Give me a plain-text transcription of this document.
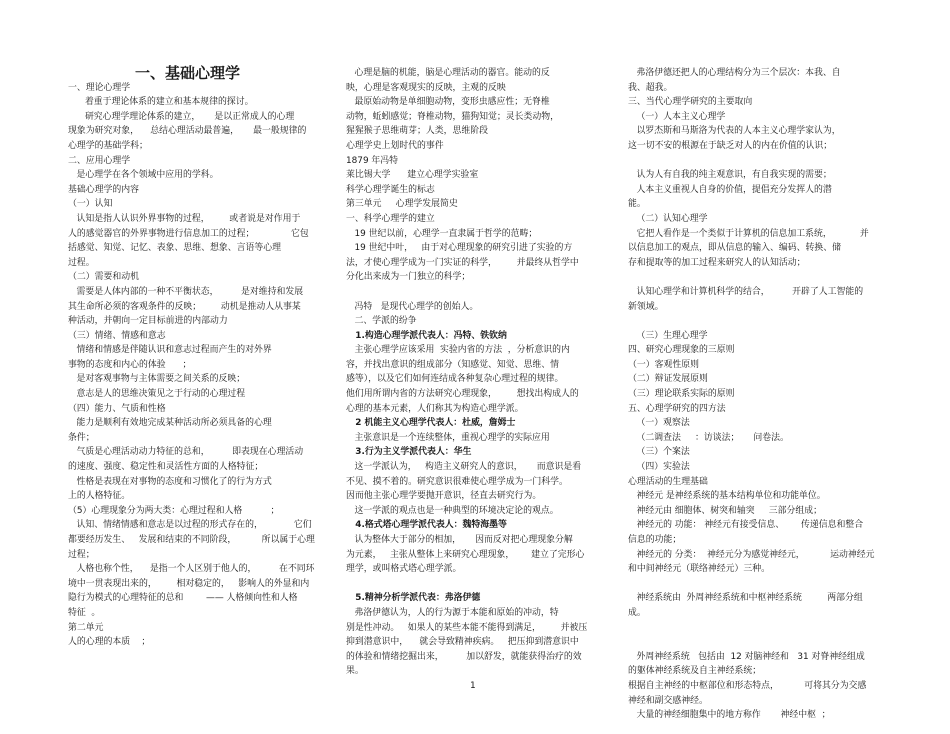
一、基础心理学

一、理论心理学

着重于理论体系的建立和基本规律的探讨。

研究心理学理论体系的建立，     是以正常成人的心理

现象为研究对象，    总结心理活动最普遍，     最一般规律的

心理学的基础学科；

二、应用心理学

是心理学在各个领域中应用的学科。

基础心理学的内容

（一）认知

认知是指人认识外界事物的过程，       或者说是对作用于

人的感觉器官的外界事物进行信息加工的过程；             它包

括感觉、知觉、记忆、表象、思维、想象、言语等心理

过程。

（二）需要和动机

需要是人体内部的一种不平衡状态，        是对维持和发展

其生命所必须的客观条件的反映；       动机是推动人从事某

种活动，并朝向一定目标前进的内部动力

（三）情绪、情感和意志

情绪和情感是伴随认识和意志过程而产生的对外界

事物的态度和内心的体验      ；

是对客观事物与主体需要之间关系的反映；

意志是人的思维决策见之于行动的心理过程

（四）能力、气质和性格

能力是顺利有效地完成某种活动所必须具备的心理

条件；

气质是心理活动动力特征的总和，        即表现在心理活动

的速度、强度、稳定性和灵活性方面的人格特征；

性格是表现在对事物的态度和习惯化了的行为方式

上的人格特征。

（5）心理现象分为两大类：心理过程和人格          ；

认知、情绪情感和意志是以过程的形式存在的，           它们

都要经历发生、   发展和结束的不同阶段，         所以属于心理

过程；

人格也称个性，    是指一个人区别于他人的，        在不同环

境中一贯表现出来的，       相对稳定的，   影响人的外显和内

隐行为模式的心理特征的总和        —— 人格倾向性和人格

特征  。

第二单元

人的心理的本质    ；

心理是脑的机能，脑是心理活动的器官。能动的反

映，心理是客观现实的反映，主观的反映

最原始动物是单细胞动物，变形虫感应性；无脊椎

动物，蚯蚓感觉；脊椎动物，猫狗知觉；灵长类动物，

猩猩猴子思维萌芽；人类，思维阶段

心理学史上划时代的事件

1879 年冯特

莱比锡大学      建立心理学实验室

科学心理学诞生的标志

第三单元     心理学发展简史

一、科学心理学的建立

19 世纪以前，心理学一直隶属于哲学的范畴；

19 世纪中叶，   由于对心理现象的研究引进了实验的方

法，才使心理学成为一门实证的科学，       并最终从哲学中

分化出来成为一门独立的科学；

冯特   是现代心理学的创始人。

二、学派的纷争

1.构造心理学派代表人：冯特、铁钦纳

主张心理学应该采用  实验内省的方法  ，分析意识的内

容，并找出意识的组成部分（知感觉、知觉、思维、情

感等），以及它们如何连结成各种复杂心理过程的规律。

他们用所谓内省的方法研究心理现象，       想找出构成人的

心理的基本元素，人们称其为构造心理学派。

2 机能主义心理学代表人：杜威，詹姆士

主张意识是一个连续整体，重视心理学的实际应用

3.行为主义学派代表人：华生

这一学派认为，   构造主义研究人的意识，     而意识是看

不见、摸不着的。研究意识很难使心理学成为一门科学。

因而他主张心理学要抛开意识，径直去研究行为。

这一学派的观点也是一种典型的环境决定论的观点。

4.格式塔心理学派代表人：魏特海墨等

认为整体大于部分的相加，     因而反对把心理现象分解

为元素，   主张从整体上来研究心理现象，      建立了完形心

理学，或叫格式塔心理学派。

5.精神分析学派代表：弗洛伊德

弗洛伊德认为，人的行为源于本能和原始的冲动，特

别是性冲动。   如果人的某些本能不能得到满足，       并被压

抑到潜意识中，    就会导致精神疾病。   把压抑到潜意识中

的体验和情绪挖掘出来，        加以舒发，就能获得治疗的效

果。

弗洛伊德还把人的心理结构分为三个层次：本我、自

我、超我。

三、当代心理学研究的主要取向

（一）人本主义心理学

以罗杰斯和马斯洛为代表的人本主义心理学家认为，

这一切不安的根源在于缺乏对人的内在价值的认识；

认为人有自我的纯主观意识，有自我实现的需要；

人本主义重视人自身的价值，提倡充分发挥人的潜

能。

（二）认知心理学

它把人看作是一个类似于计算机的信息加工系统，          并

以信息加工的观点，即从信息的输入、编码、转换、储

存和提取等的加工过程来研究人的认知活动；

认知心理学和计算机科学的结合，        开辟了人工智能的

新领域。

（三）生理心理学

四、研究心理现象的三原则

（一）客观性原则

（二）辩证发展原则

（三）理论联系实际的原则

五、心理学研究的四方法

（一）观察法

（二调查法     ：访谈法；     问卷法。

（三）个案法

（四）实验法

心理活动的生理基础

神经元 是神经系统的基本结构单位和功能单位。

神经元由 细胞体、树突和轴突     三部分组成；

神经元的 功能： 神经元有接受信息、      传递信息和整合

信息的功能；

神经元的 分类：  神经元分为感觉神经元，         运动神经元

和中间神经元（联络神经元）三种。

神经系统由  外周神经系统和中枢神经系统         两部分组

成。

外周神经系统   包括由  12 对脑神经和   31 对脊神经组成

的躯体神经系统及自主神经系统；

根据自主神经的中枢部位和形态特点，         可将其分为交感

神经和副交感神经。

大量的神经细胞集中的地方称作       神经中枢  ；

1
